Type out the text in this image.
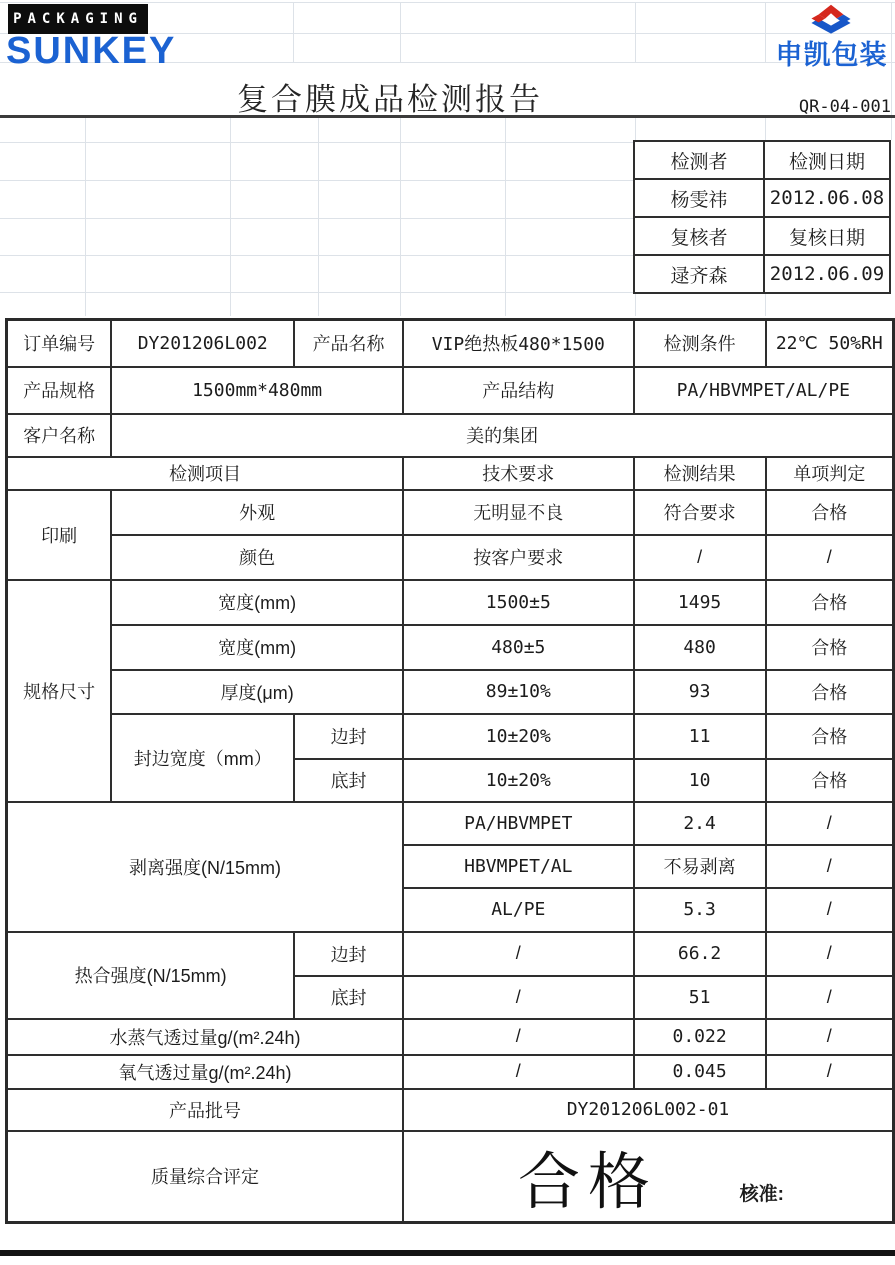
PACKAGING
SUNKEY	申凯包装
复合膜成品检测报告	QR-04-001
检测者	检测日期
杨雯祎	2012.06.08
复核者	复核日期
逯齐森	2012.06.09
订单编号	DY201206L002	产品名称	VIP绝热板480*1500	检测条件	22℃ 50%RH
产品规格	1500mm*480mm		产品结构	PA/HBVMPET/AL/PE	
客户名称	美的集团				
检测项目			技术要求	检测结果	单项判定
印刷	外观		无明显不良	符合要求	合格
	颜色		按客户要求	/	/
规格尺寸	宽度(mm)		1500±5	1495	合格
	宽度(mm)		480±5	480	合格
	厚度(μm)		89±10%	93	合格
	封边宽度（mm）	边封	10±20%	11	合格
		底封	10±20%	10	合格
剥离强度(N/15mm)			PA/HBVMPET	2.4	/
			HBVMPET/AL	不易剥离	/
			AL/PE	5.3	/
热合强度(N/15mm)		边封	/	66.2	/
		底封	/	51	/
水蒸气透过量g/(m².24h)			/	0.022	/
氧气透过量g/(m².24h)			/	0.045	/
产品批号			DY201206L002-01		
质量综合评定			合格 核准:		
